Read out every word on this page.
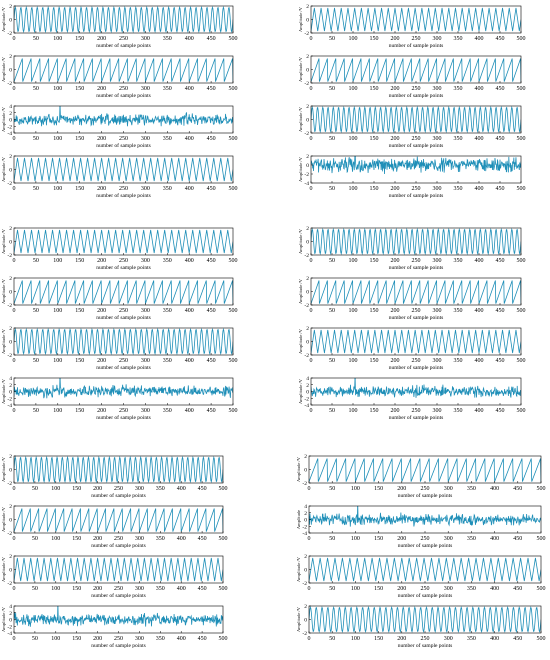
0	50 100 150 200 250 300 350 400 450 500
-2
0
2
Amplitude /V
number of sample points
0	50 100 150 200 250 300 350 400 450 500
-2
0
2
Amplitude /V
number of sample points
0	50 100 150 200 250 300 350 400 450 500
-4
-2
0
2
4
Amplitude /V
number of sample points
0	50 100 150 200 250 300 350 400 450 500
-2
0
2
Amplitude /V
number of sample points
0	50 100 150 200 250 300 350 400 450 500
-2
0
2
Amplitude /V
number of sample points
0	50 100 150 200 250 300 350 400 450 500
-2
0
2
Amplitude /V
number of sample points
0	50 100 150 200 250 300 350 400 450 500
-2
0
2
Amplitude /V
number of sample points
0	50 100 150 200 250 300 350 400 450 500
-4
-2
0
2
Amplitude /V
number of sample points
0	50 100 150 200 250 300 350 400 450 500
-2
0
2
Amplitude /V
number of sample points
0	50 100 150 200 250 300 350 400 450 500
-2
0
2
Amplitude /V
number of sample points
0	50 100 150 200 250 300 350 400 450 500
-2
0
2
Amplitude /V
number of sample points
0	50 100 150 200 250 300 350 400 450 500
-4
-2
0
2
4
Amplitude /V
number of sample points
0	50 100 150 200 250 300 350 400 450 500
-2
0
2
Amplitude /V
number of sample points
0	50 100 150 200 250 300 350 400 450 500
-2
0
2
Amplitude /V
number of sample points
0	50 100 150 200 250 300 350 400 450 500
-2
0
2
Amplitude /V
number of sample points
0	50 100 150 200 250 300 350 400 450 500
-4
-2
0
2
4
Amplitude /V
number of sample points
0	50 100 150 200 250 300 350 400 450 500
-2
0
2
Amplitude /V
number of sample points
0	50 100 150 200 250 300 350 400 450 500
-2
0
2
Amplitude /V
number of sample points
0	50 100 150 200 250 300 350 400 450 500
-2
0
2
Amplitude /V
number of sample points
0	50 100 150 200 250 300 350 400 450 500
-4
-2
0
2
4
Amplitude /V
number of sample points
0	50	100 150 200 250 300 350 400 450 500
-2
0
2
Amplitude /V
number of sample points
0	50	100 150 200 250 300 350 400 450 500
-4
-2
0
2
4
Amplitude
number of sample points
0	50	100 150 200 250 300 350 400 450 500
-2
0
2
Amplitude /V
number of sample points
0	50	100 150 200 250 300 350 400 450 500
-2
0
2
Amplitude /V
number of sample points
